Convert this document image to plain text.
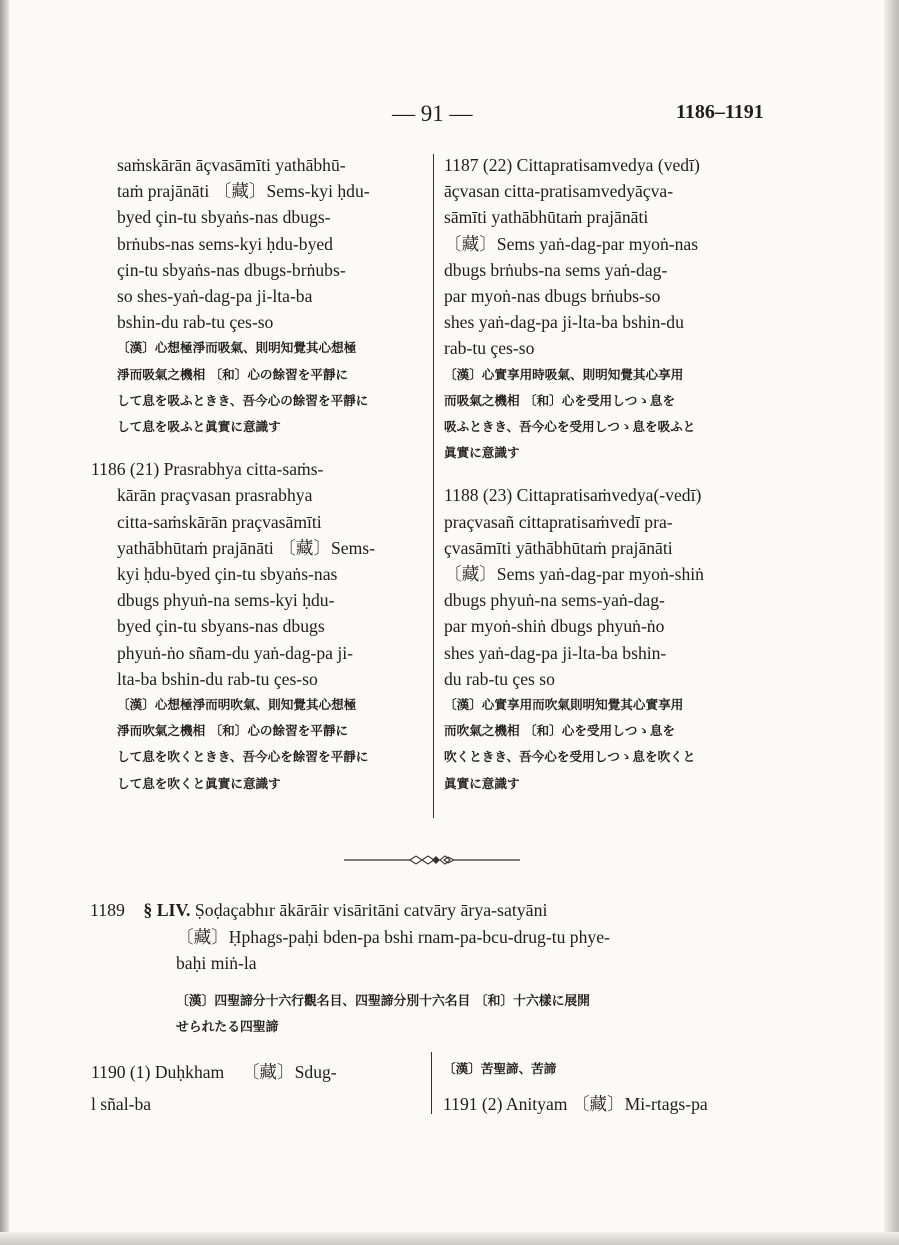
— 91 —	1186–1191
saṁskārān āçvasāmīti yathābhū-
taṁ prajānāti 〔藏〕Sems-kyi ḥdu-
byed çin-tu sbyaṅs-nas dbugs-
brṅubs-nas sems-kyi ḥdu-byed
çin-tu sbyaṅs-nas dbugs-brṅubs-
so shes-yaṅ-dag-pa ji-lta-ba
bshin-du rab-tu çes-so
〔漢〕心想極淨而吸氣、則明知覺其心想極
淨而吸氣之機相 〔和〕心の餘習を平靜に
して息を吸ふときき、吾今心の餘習を平靜に
して息を吸ふと眞實に意識す
1186 (21) Prasrabhya citta-saṁs-
kārān praçvasan prasrabhya
citta-saṁskārān praçvasāmīti
yathābhūtaṁ prajānāti 〔藏〕Sems-
kyi ḥdu-byed çin-tu sbyaṅs-nas
dbugs phyuṅ-na sems-kyi ḥdu-
byed çin-tu sbyans-nas dbugs
phyuṅ-ṅo sñam-du yaṅ-dag-pa ji-
lta-ba bshin-du rab-tu çes-so
〔漢〕心想極淨而明吹氣、則知覺其心想極
淨而吹氣之機相 〔和〕心の餘習を平靜に
して息を吹くときき、吾今心を餘習を平靜に
して息を吹くと眞實に意識す
1187 (22) Cittapratisamvedya (vedī)
āçvasan citta-pratisamvedyāçva-
sāmīti yathābhūtaṁ prajānāti
〔藏〕Sems yaṅ-dag-par myoṅ-nas
dbugs brṅubs-na sems yaṅ-dag-
par myoṅ-nas dbugs brṅubs-so
shes yaṅ-dag-pa ji-lta-ba bshin-du
rab-tu çes-so
〔漢〕心實享用時吸氣、則明知覺其心享用
而吸氣之機相 〔和〕心を受用しつゝ息を
吸ふときき、吾今心を受用しつゝ息を吸ふと
眞實に意識す
1188 (23) Cittapratisaṁvedya(-vedī)
praçvasañ cittapratisaṁvedī pra-
çvasāmīti yāthābhūtaṁ prajānāti
〔藏〕Sems yaṅ-dag-par myoṅ-shiṅ
dbugs phyuṅ-na sems-yaṅ-dag-
par myoṅ-shiṅ dbugs phyuṅ-ṅo
shes yaṅ-dag-pa ji-lta-ba bshin-
du rab-tu çes so
〔漢〕心實享用而吹氣則明知覺其心實享用
而吹氣之機相 〔和〕心を受用しつゝ息を
吹くときき、吾今心を受用しつゝ息を吹くと
眞實に意識す
1189 § LIV. Ṣoḍaçabhır ākārāir visāritāni catvāry ārya-satyāni
〔藏〕Ḥphags-paḥi bden-pa bshi rnam-pa-bcu-drug-tu phye-
baḥi miṅ-la
〔漢〕四聖諦分十六行觀名目、四聖諦分別十六名目 〔和〕十六樣に展開
せられたる四聖諦
1190 (1) Duḥkham    〔藏〕Sdug-
l sñal-ba
〔漢〕苦聖諦、苦諦
1191 (2) Anityam 〔藏〕Mi-rtags-pa
